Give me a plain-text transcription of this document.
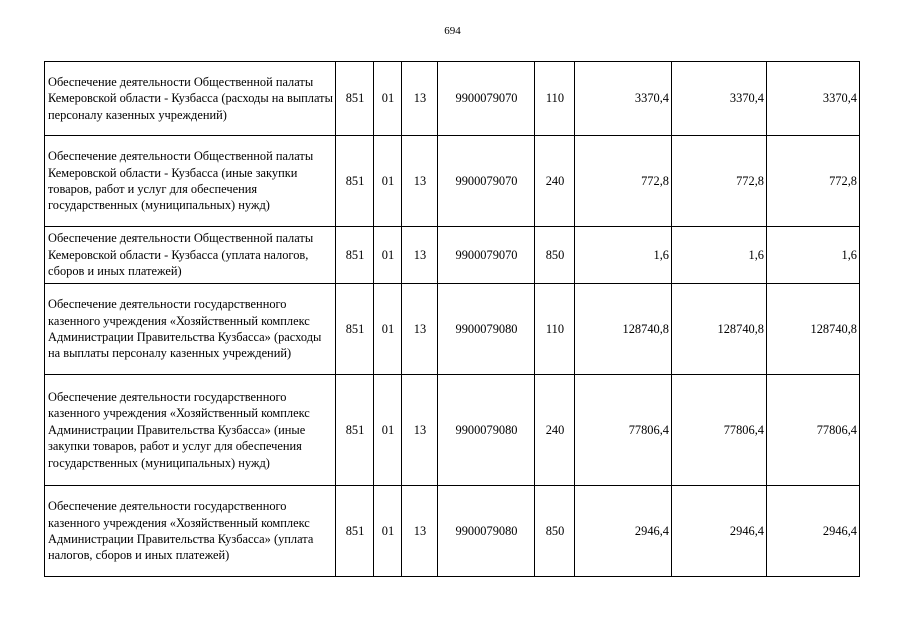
694
Обеспечение деятельности Общественной палаты Кемеровской области - Кузбасса (расходы на выплаты персоналу казенных учреждений)	851	01	13	9900079070	110	3370,4	3370,4	3370,4
Обеспечение деятельности Общественной палаты Кемеровской области - Кузбасса (иные закупки товаров, работ и услуг для обеспечения государственных (муниципальных) нужд)	851	01	13	9900079070	240	772,8	772,8	772,8
Обеспечение деятельности Общественной палаты Кемеровской области - Кузбасса (уплата налогов, сборов и иных платежей)	851	01	13	9900079070	850	1,6	1,6	1,6
Обеспечение деятельности государственного казенного учреждения «Хозяйственный комплекс Администрации Правительства Кузбасса» (расходы на выплаты персоналу казенных учреждений)	851	01	13	9900079080	110	128740,8	128740,8	128740,8
Обеспечение деятельности государственного казенного учреждения «Хозяйственный комплекс Администрации Правительства Кузбасса» (иные закупки товаров, работ и услуг для обеспечения государственных (муниципальных) нужд)	851	01	13	9900079080	240	77806,4	77806,4	77806,4
Обеспечение деятельности государственного казенного учреждения «Хозяйственный комплекс Администрации Правительства Кузбасса» (уплата налогов, сборов и иных платежей)	851	01	13	9900079080	850	2946,4	2946,4	2946,4
